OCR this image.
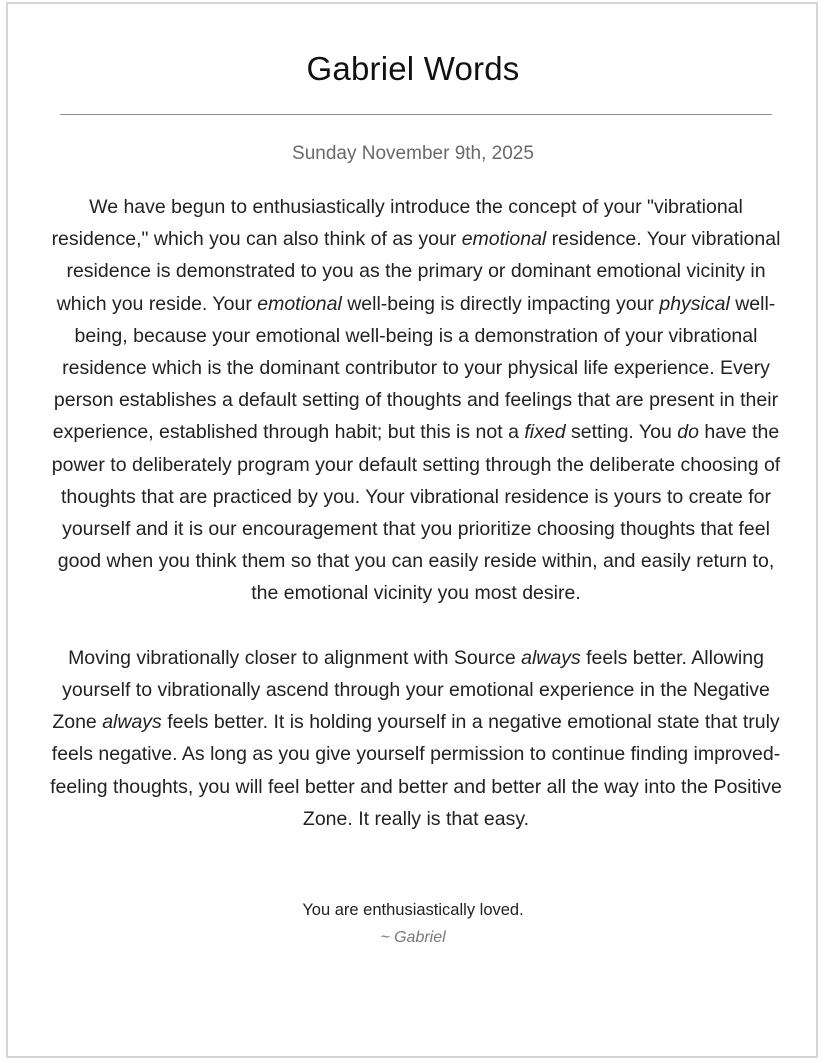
Gabriel Words

Sunday November 9th, 2025

We have begun to enthusiastically introduce the concept of your "vibrational residence," which you can also think of as your emotional residence. Your vibrational residence is demonstrated to you as the primary or dominant emotional vicinity in which you reside. Your emotional well-being is directly impacting your physical well-being, because your emotional well-being is a demonstration of your vibrational residence which is the dominant contributor to your physical life experience. Every person establishes a default setting of thoughts and feelings that are present in their experience, established through habit; but this is not a fixed setting. You do have the power to deliberately program your default setting through the deliberate choosing of thoughts that are practiced by you. Your vibrational residence is yours to create for yourself and it is our encouragement that you prioritize choosing thoughts that feel good when you think them so that you can easily reside within, and easily return to, the emotional vicinity you most desire.

Moving vibrationally closer to alignment with Source always feels better. Allowing yourself to vibrationally ascend through your emotional experience in the Negative Zone always feels better. It is holding yourself in a negative emotional state that truly feels negative. As long as you give yourself permission to continue finding improved-feeling thoughts, you will feel better and better and better all the way into the Positive Zone. It really is that easy.

You are enthusiastically loved.

~ Gabriel
